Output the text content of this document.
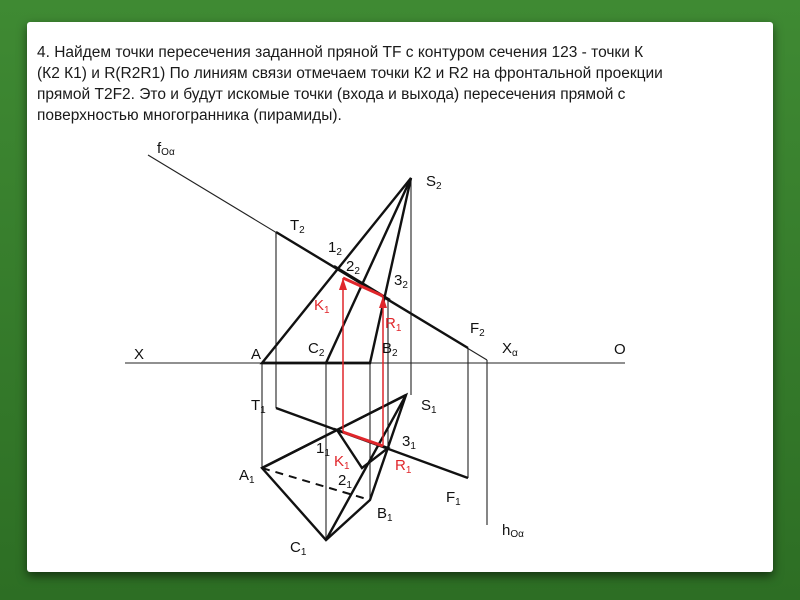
4. Найдем точки пересечения заданной пряной TF с контуром сечения 123 - точки К
(К2 К1) и R(R2R1) По линиям связи отмечаем точки К2 и R2 на фронтальной проекции
прямой Т2F2. Это и будут искомые точки (входа и выхода) пересечения прямой с
поверхностью многогранника (пирамиды).

fOα
$S_2$
$T_2$
$1_2$
$2_2$
$3_2$
$K_1$
$R_1$	$F_2$
X	A	$C_2$	$B_2$	$X_\alpha$	O
$T_1$	$S_1$
$1_1$
$3_1$
$K_1$	$R_1$
$A_1$	$2_1$
$F_1$
$B_1$
hOα
$C_1$
